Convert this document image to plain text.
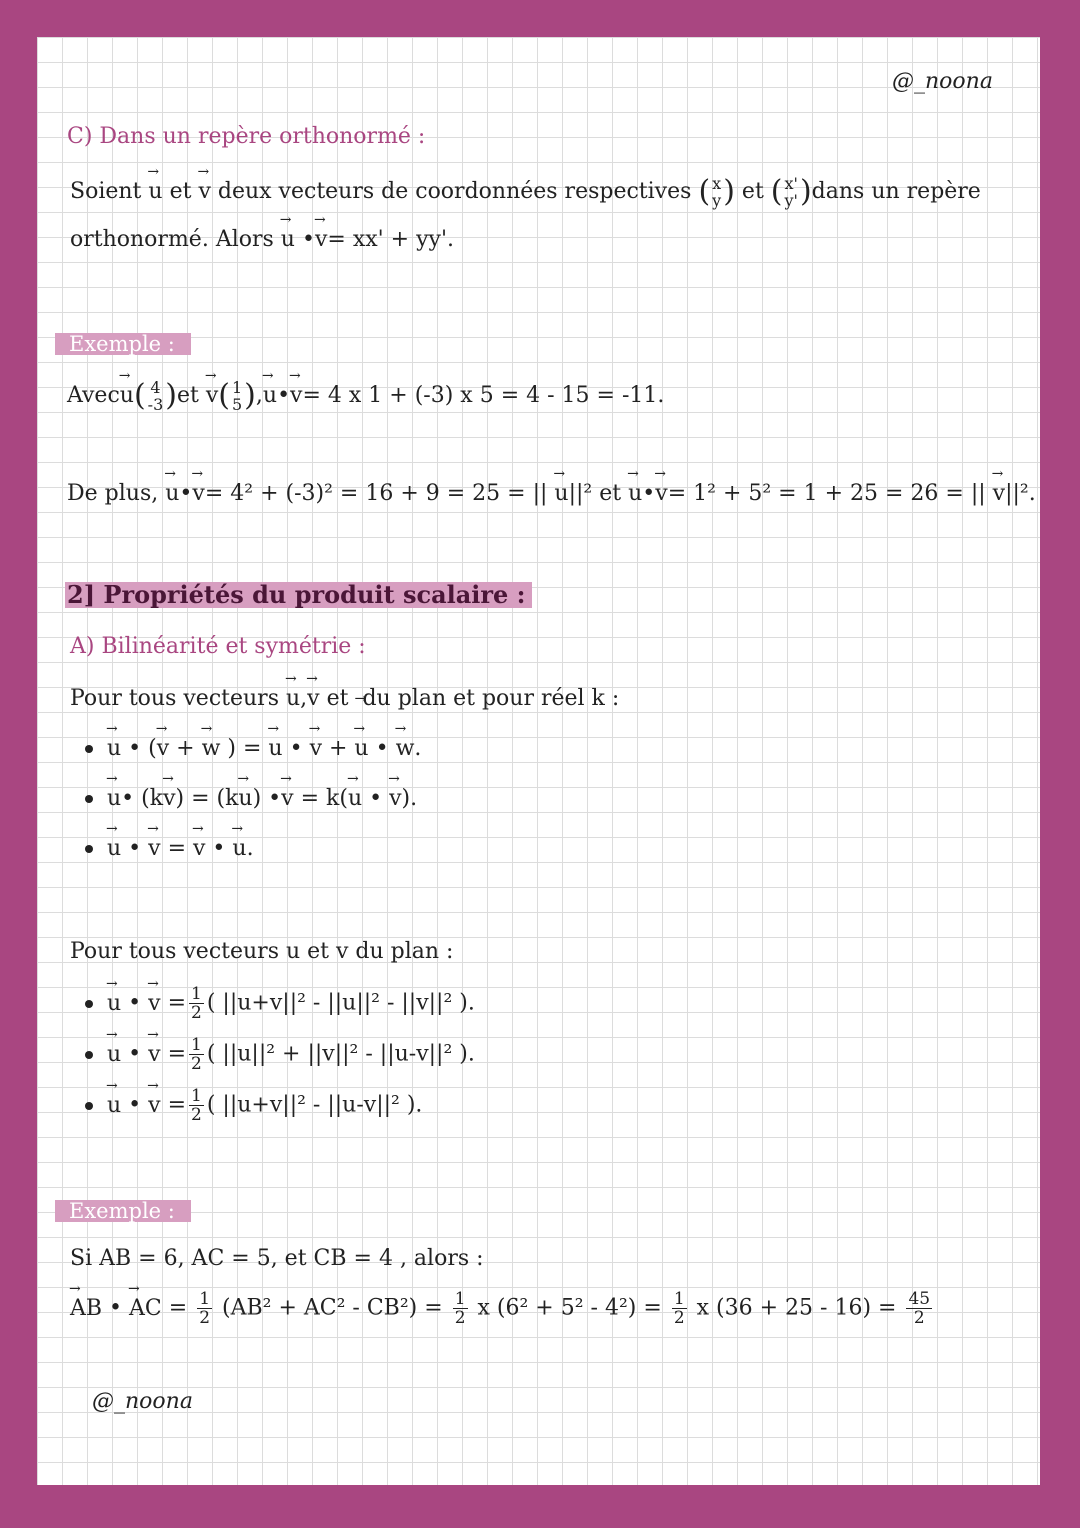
@_noona
C) Dans un repère orthonormé :
Soient → u et → v deux vecteurs de coordonnées respectives ( x
y ) et ( x'
y' )dans un repère
orthonormé. Alors → u •→ v= xx' + yy'.
Exemple :
Avec→ u( 4
-3 )et → v( 1
5 ),→ u•→ v= 4 x 1 + (-3) x 5 = 4 - 15 = -11.
De plus, → u•→ v= 4² + (-3)² = 16 + 9 = 25 = || → u||² et → u•→ v= 1² + 5² = 1 + 25 = 26 = || → v||².
2] Propriétés du produit scalaire :
A) Bilinéarité et symétrie :
Pour tous vecteurs → u,→ v et du plan et pour réel k :
→ u • (→ v + → w ) = → u • → v + → u • → w.
→ u• (k→ v) = (k→ u) •→ v = k(→ u • → v).
→ u • → v = → v • → u.
Pour tous vecteurs u et v du plan :
→ u • → $v = \frac{1}{2}$ ( ||u+v||² - ||u||² - ||v||² ).
→ u • → $v = \frac{1}{2}$ ( ||u||² + ||v||² - ||u-v||² ).
→ u • → $v = \frac{1}{2}$ ( ||u+v||² - ||u-v||² ).
Exemple :
Si AB = 6, AC = 5, et CB = 4 , alors :
→ AB • → AC = $\frac{1}{2} (AB^2 + AC^2 - CB^2) = \frac{1}{2}$ x $(6^2 + 5^2 - 4^2) = \frac{1}{2}$ x $(36 + 25 - 16) = \frac{45}{2}$
@_noona
